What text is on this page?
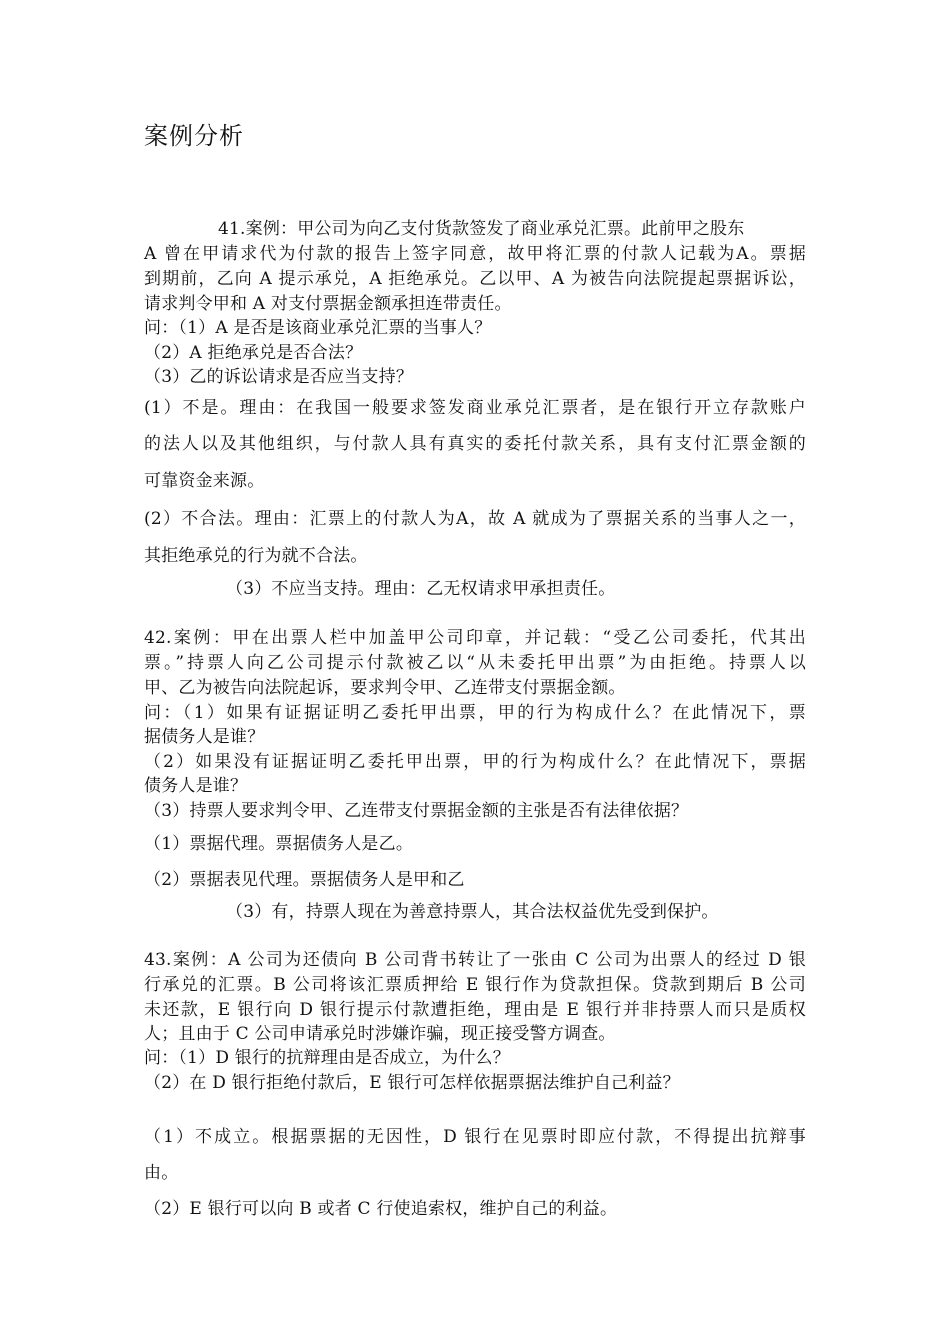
案例分析
41.案例：甲公司为向乙支付货款签发了商业承兑汇票。此前甲之股东
A 曾在甲请求代为付款的报告上签字同意，故甲将汇票的付款人记载为A。票据
到期前，乙向 A 提示承兑，A 拒绝承兑。乙以甲、A 为被告向法院提起票据诉讼，
请求判令甲和 A 对支付票据金额承担连带责任。
问：（1）A 是否是该商业承兑汇票的当事人？
（2）A 拒绝承兑是否合法？
（3）乙的诉讼请求是否应当支持？
(1）不是。理由：在我国一般要求签发商业承兑汇票者，是在银行开立存款账户
的法人以及其他组织，与付款人具有真实的委托付款关系，具有支付汇票金额的
可靠资金来源。
(2）不合法。理由：汇票上的付款人为A，故 A 就成为了票据关系的当事人之一，
其拒绝承兑的行为就不合法。
（3）不应当支持。理由：乙无权请求甲承担责任。
42.案例：甲在出票人栏中加盖甲公司印章，并记载：“受乙公司委托，代其出
票。”持票人向乙公司提示付款被乙以“从未委托甲出票”为由拒绝。持票人以
甲、乙为被告向法院起诉，要求判令甲、乙连带支付票据金额。
问：（1）如果有证据证明乙委托甲出票，甲的行为构成什么？在此情况下，票
据债务人是谁？
（2）如果没有证据证明乙委托甲出票，甲的行为构成什么？在此情况下，票据
债务人是谁？
（3）持票人要求判令甲、乙连带支付票据金额的主张是否有法律依据？
（1）票据代理。票据债务人是乙。
（2）票据表见代理。票据债务人是甲和乙
（3）有，持票人现在为善意持票人，其合法权益优先受到保护。
43.案例：A 公司为还债向 B 公司背书转让了一张由 C 公司为出票人的经过 D 银
行承兑的汇票。B 公司将该汇票质押给 E 银行作为贷款担保。贷款到期后 B 公司
未还款，E 银行向 D 银行提示付款遭拒绝，理由是 E 银行并非持票人而只是质权
人；且由于 C 公司申请承兑时涉嫌诈骗，现正接受警方调查。
问：（1）D 银行的抗辩理由是否成立，为什么？
（2）在 D 银行拒绝付款后，E 银行可怎样依据票据法维护自己利益？
（1）不成立。根据票据的无因性，D 银行在见票时即应付款，不得提出抗辩事
由。
（2）E 银行可以向 B 或者 C 行使追索权，维护自己的利益。
